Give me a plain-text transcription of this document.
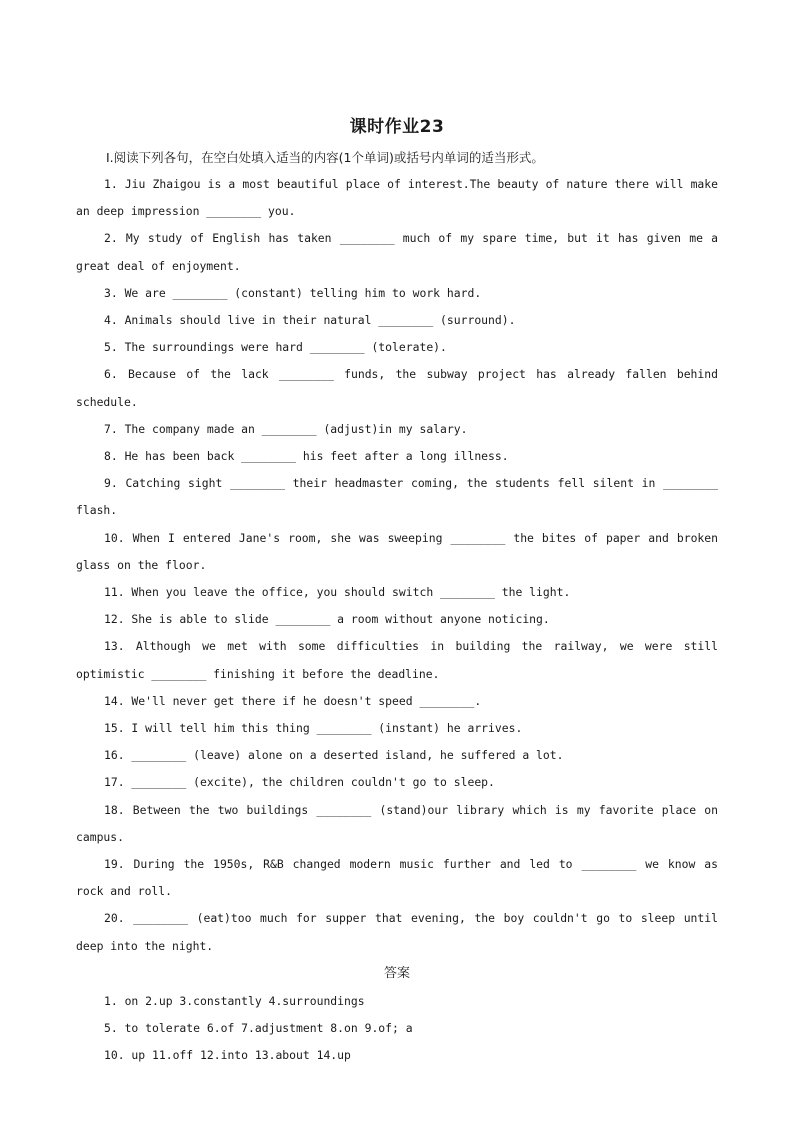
课时作业23

Ⅰ.阅读下列各句，在空白处填入适当的内容(1个单词)或括号内单词的适当形式。

1. Jiu Zhaigou is a most beautiful place of interest.The beauty of nature there will make an deep impression ________ you.

2. My study of English has taken ________ much of my spare time, but it has given me a great deal of enjoyment.

3. We are ________ (constant) telling him to work hard.

4. Animals should live in their natural ________ (surround).

5. The surroundings were hard ________ (tolerate).

6. Because of the lack ________ funds, the subway project has already fallen behind schedule.

7. The company made an ________ (adjust)in my salary.

8. He has been back ________ his feet after a long illness.

9. Catching sight ________ their headmaster coming, the students fell silent in ________ flash.

10. When I entered Jane's room, she was sweeping ________ the bites of paper and broken glass on the floor.

11. When you leave the office, you should switch ________ the light.

12. She is able to slide ________ a room without anyone noticing.

13. Although we met with some difficulties in building the railway, we were still optimistic ________ finishing it before the deadline.

14. We'll never get there if he doesn't speed ________.

15. I will tell him this thing ________ (instant) he arrives.

16. ________ (leave) alone on a deserted island, he suffered a lot.

17. ________ (excite), the children couldn't go to sleep.

18. Between the two buildings ________ (stand)our library which is my favorite place on campus.

19. During the 1950s, R&B changed modern music further and led to ________ we know as rock and roll.

20. ________ (eat)too much for supper that evening, the boy couldn't go to sleep until deep into the night.

答案

1. on 2.up 3.constantly 4.surroundings

5. to tolerate 6.of 7.adjustment 8.on 9.of; a

10. up 11.off 12.into 13.about 14.up
